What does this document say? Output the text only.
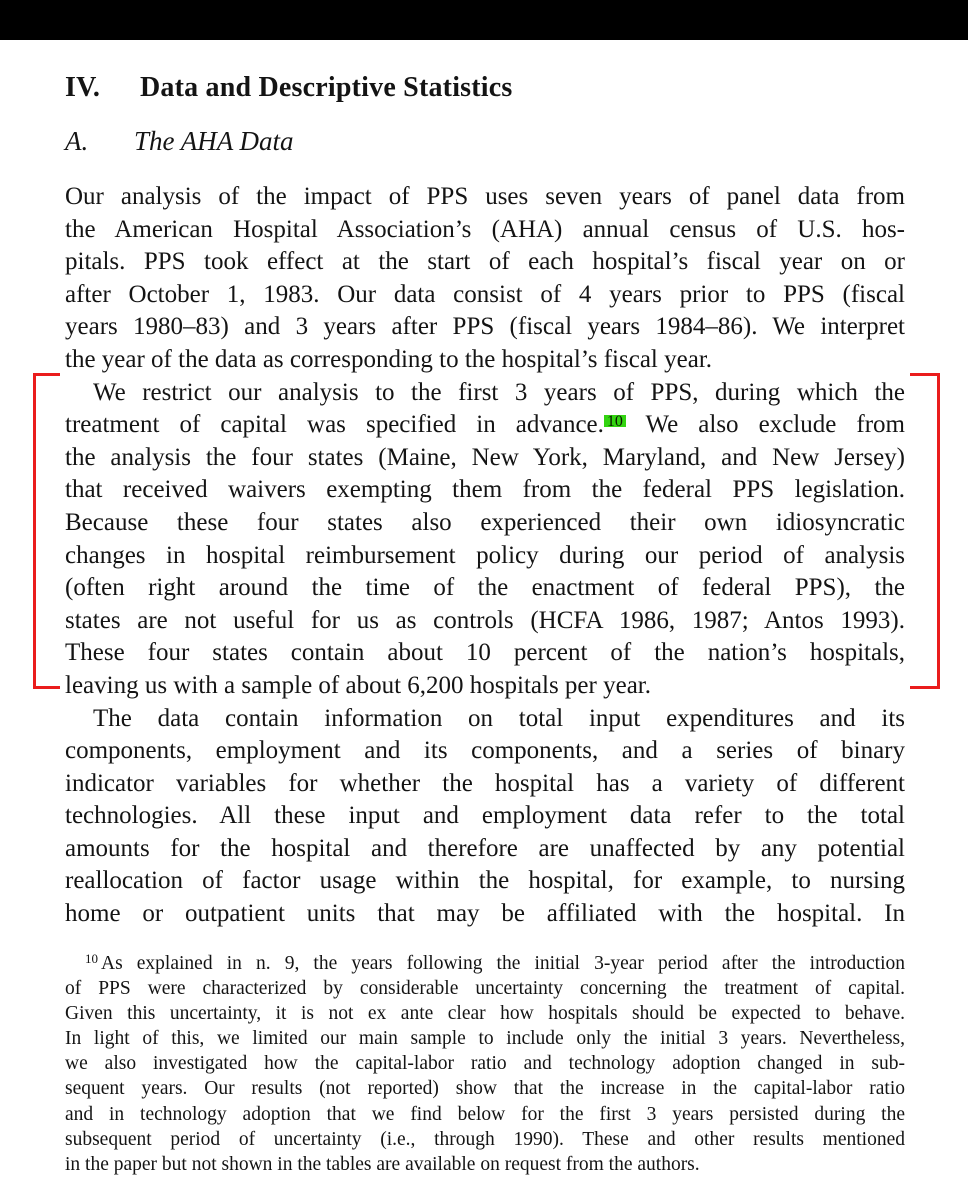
IV. Data and Descriptive Statistics
A. The AHA Data
Our analysis of the impact of PPS uses seven years of panel data from
the American Hospital Association’s (AHA) annual census of U.S. hos-
pitals. PPS took effect at the start of each hospital’s fiscal year on or
after October 1, 1983. Our data consist of 4 years prior to PPS (fiscal
years 1980–83) and 3 years after PPS (fiscal years 1984–86). We interpret
the year of the data as corresponding to the hospital’s fiscal year.
We restrict our analysis to the first 3 years of PPS, during which the
treatment of capital was specified in advance. 10 We also exclude from
the analysis the four states (Maine, New York, Maryland, and New Jersey)
that received waivers exempting them from the federal PPS legislation.
Because these four states also experienced their own idiosyncratic
changes in hospital reimbursement policy during our period of analysis
(often right around the time of the enactment of federal PPS), the
states are not useful for us as controls (HCFA 1986, 1987; Antos 1993).
These four states contain about 10 percent of the nation’s hospitals,
leaving us with a sample of about 6,200 hospitals per year.
The data contain information on total input expenditures and its
components, employment and its components, and a series of binary
indicator variables for whether the hospital has a variety of different
technologies. All these input and employment data refer to the total
amounts for the hospital and therefore are unaffected by any potential
reallocation of factor usage within the hospital, for example, to nursing
home or outpatient units that may be affiliated with the hospital. In
$^{10}$ As explained in n. 9, the years following the initial 3-year period after the introduction
of PPS were characterized by considerable uncertainty concerning the treatment of capital.
Given this uncertainty, it is not ex ante clear how hospitals should be expected to behave.
In light of this, we limited our main sample to include only the initial 3 years. Nevertheless,
we also investigated how the capital-labor ratio and technology adoption changed in sub-
sequent years. Our results (not reported) show that the increase in the capital-labor ratio
and in technology adoption that we find below for the first 3 years persisted during the
subsequent period of uncertainty (i.e., through 1990). These and other results mentioned
in the paper but not shown in the tables are available on request from the authors.
